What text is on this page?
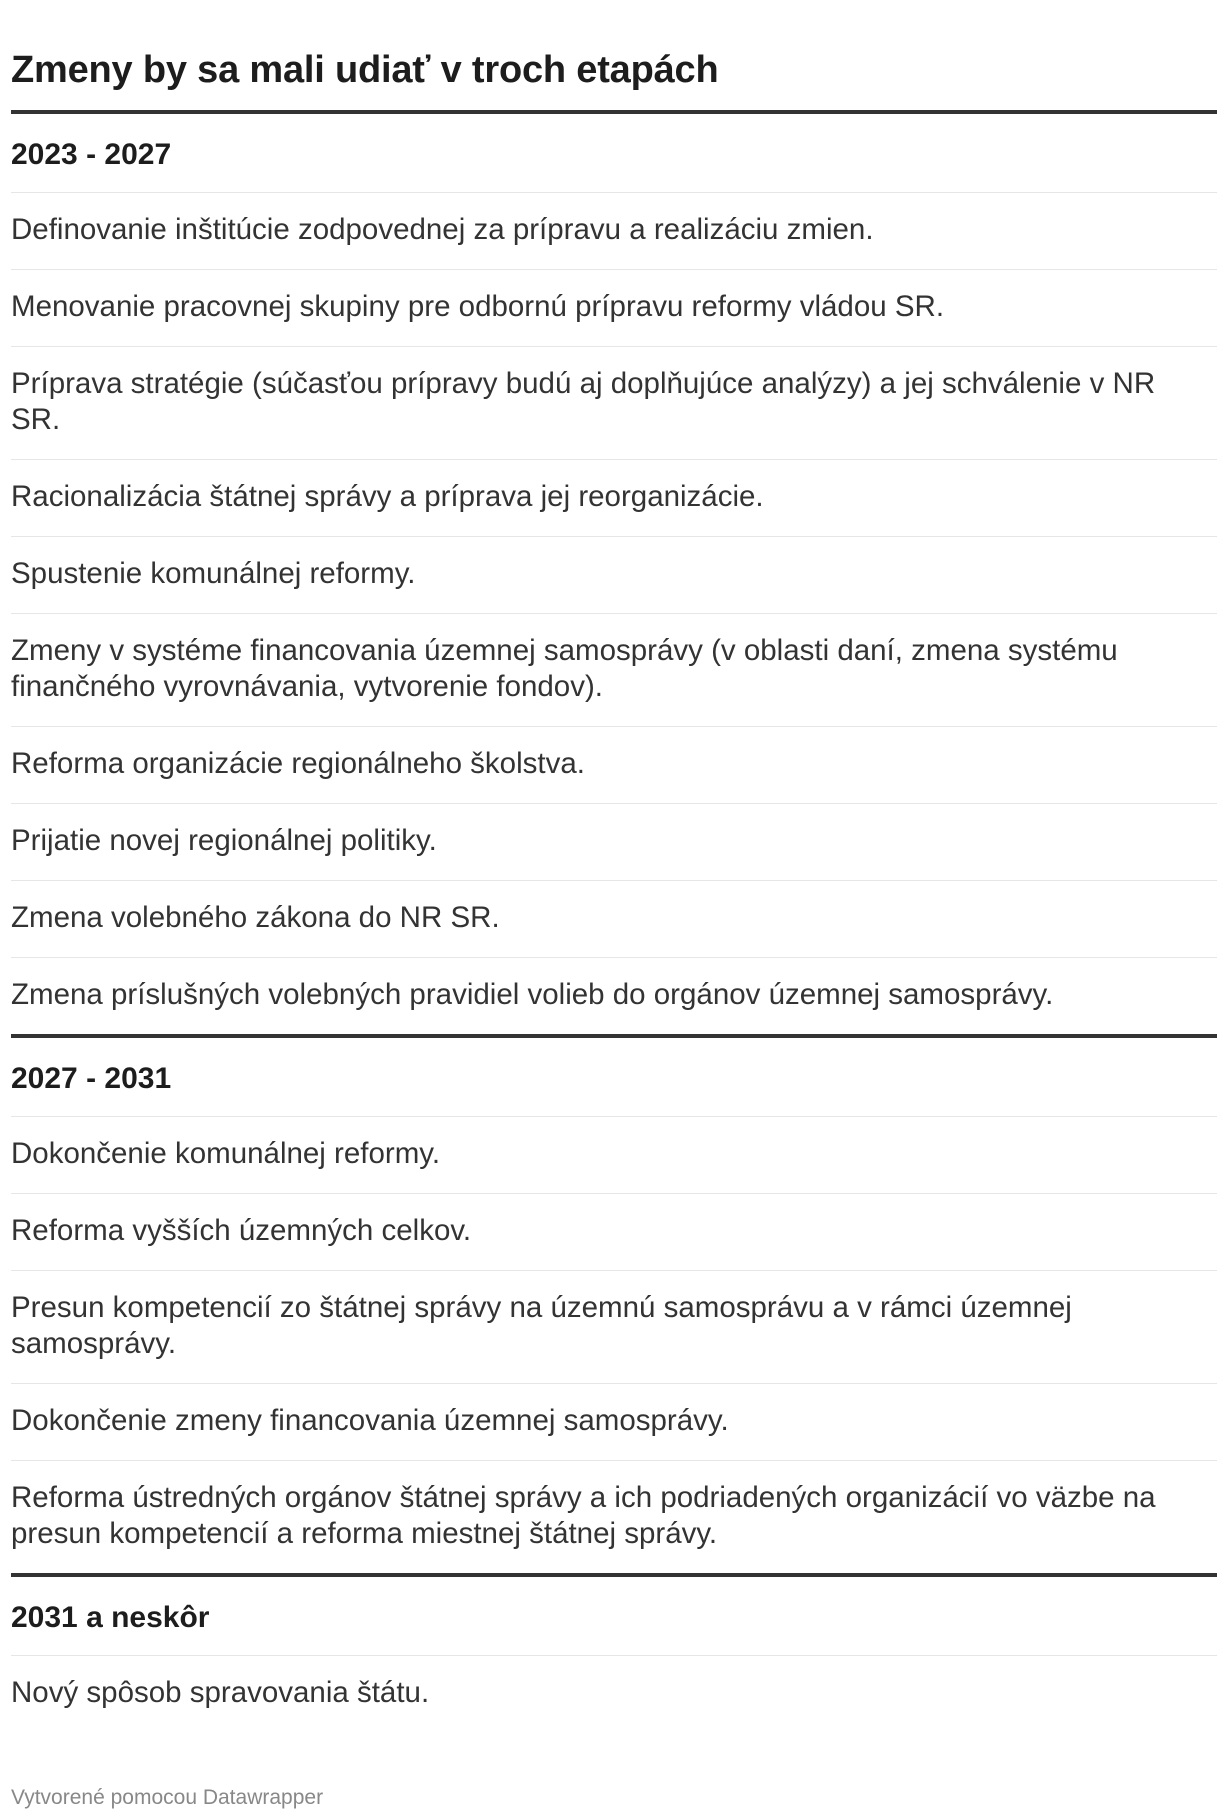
Zmeny by sa mali udiať v troch etapách
2023 - 2027
Definovanie inštitúcie zodpovednej za prípravu a realizáciu zmien.
Menovanie pracovnej skupiny pre odbornú prípravu reformy vládou SR.
Príprava stratégie (súčasťou prípravy budú aj doplňujúce analýzy) a jej schválenie v NR SR.
Racionalizácia štátnej správy a príprava jej reorganizácie.
Spustenie komunálnej reformy.
Zmeny v systéme financovania územnej samosprávy (v oblasti daní, zmena systému finančného vyrovnávania, vytvorenie fondov).
Reforma organizácie regionálneho školstva.
Prijatie novej regionálnej politiky.
Zmena volebného zákona do NR SR.
Zmena príslušných volebných pravidiel volieb do orgánov územnej samosprávy.
2027 - 2031
Dokončenie komunálnej reformy.
Reforma vyšších územných celkov.
Presun kompetencií zo štátnej správy na územnú samosprávu a v rámci územnej samosprávy.
Dokončenie zmeny financovania územnej samosprávy.
Reforma ústredných orgánov štátnej správy a ich podriadených organizácií vo väzbe na presun kompetencií a reforma miestnej štátnej správy.
2031 a neskôr
Nový spôsob spravovania štátu.
Vytvorené pomocou Datawrapper
